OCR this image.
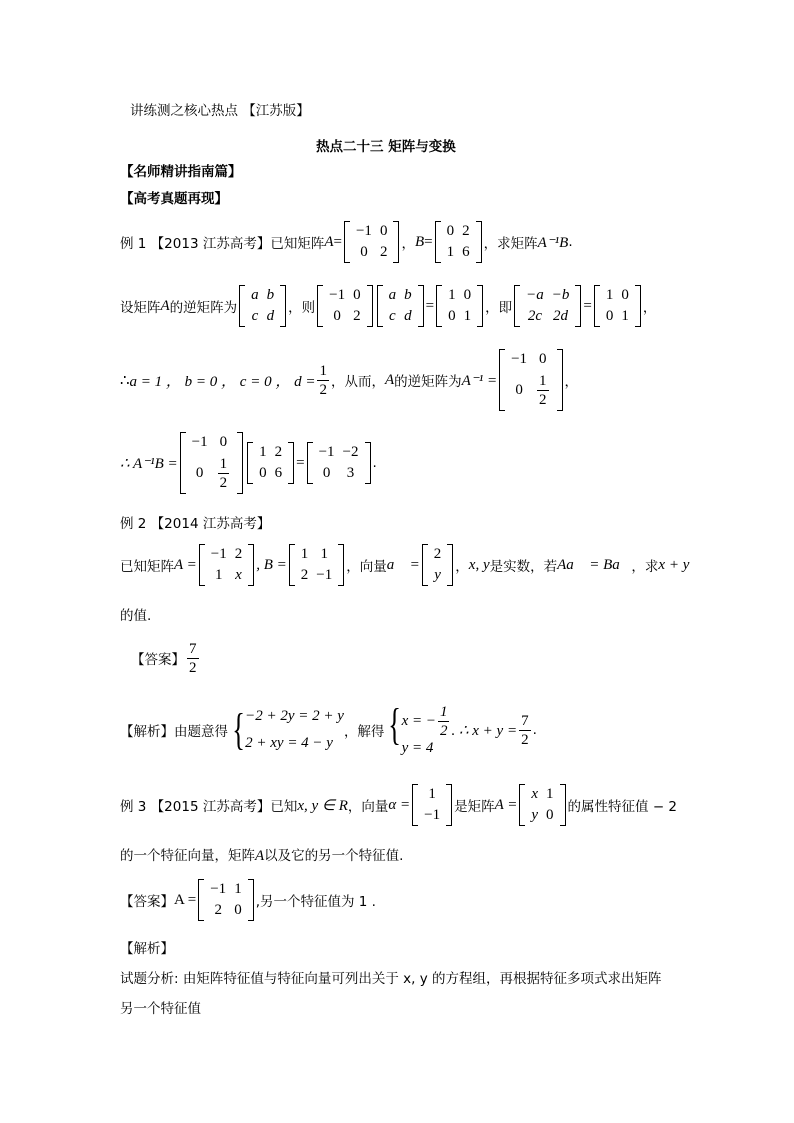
讲练测之核心热点 【江苏版】
热点二十三 矩阵与变换
【名师精讲指南篇】
【高考真题再现】
例 1 【2013 江苏高考】已知矩阵 A =
−1	0
0	2 ， B =
0	2
1	6 ，求矩阵 A⁻¹B .
设矩阵 A 的逆矩阵为
a	b
c	d ，则
−1	0
0	2
a	b
c	d
=
1	0
0	1 ，即
−a	−b
2c	2d
=
1	0
0	1 ，
∴ a = 1 ， b = 0 ， c = 0 ， $d = \frac{1}{2}$ ，从而， A 的逆矩阵为 A⁻¹ =
−1	0
0	$\frac{1}{2}$ ，
∴ A⁻¹B =
−1	0
0	$\frac{1}{2}$
1	2
0	6
=
−1	−2
0	3
.
例 2 【2014 江苏高考】
已知矩阵 A =
−1	2
1	x
, B =
1	1
2	−1 ，向量 a⃗ =
2
y ， x, y 是实数，若 Aa⃗ = Ba⃗ ，求 x + y
的值.
【答案】 $\frac{7}{2}$
【解析】由题意得 { −2 + 2y = 2 + y
2 + xy = 4 − y
，解得 { x = − $\frac{1}{2}$
y = 4
. ∴ $x + y = \frac{7}{2}$ .
例 3 【2015 江苏高考】已知 x, y ∈ R ，向量 α =
1
−1 是矩阵 A =
x	1
y	0 的属性特征值 − 2
的一个特征向量，矩阵A以及它的另一个特征值.
【答案】 A =
−1	1
2	0 ,另一个特征值为 1 .
【解析】
试题分析: 由矩阵特征值与特征向量可列出关于 x, y 的方程组，再根据特征多项式求出矩阵
另一个特征值
